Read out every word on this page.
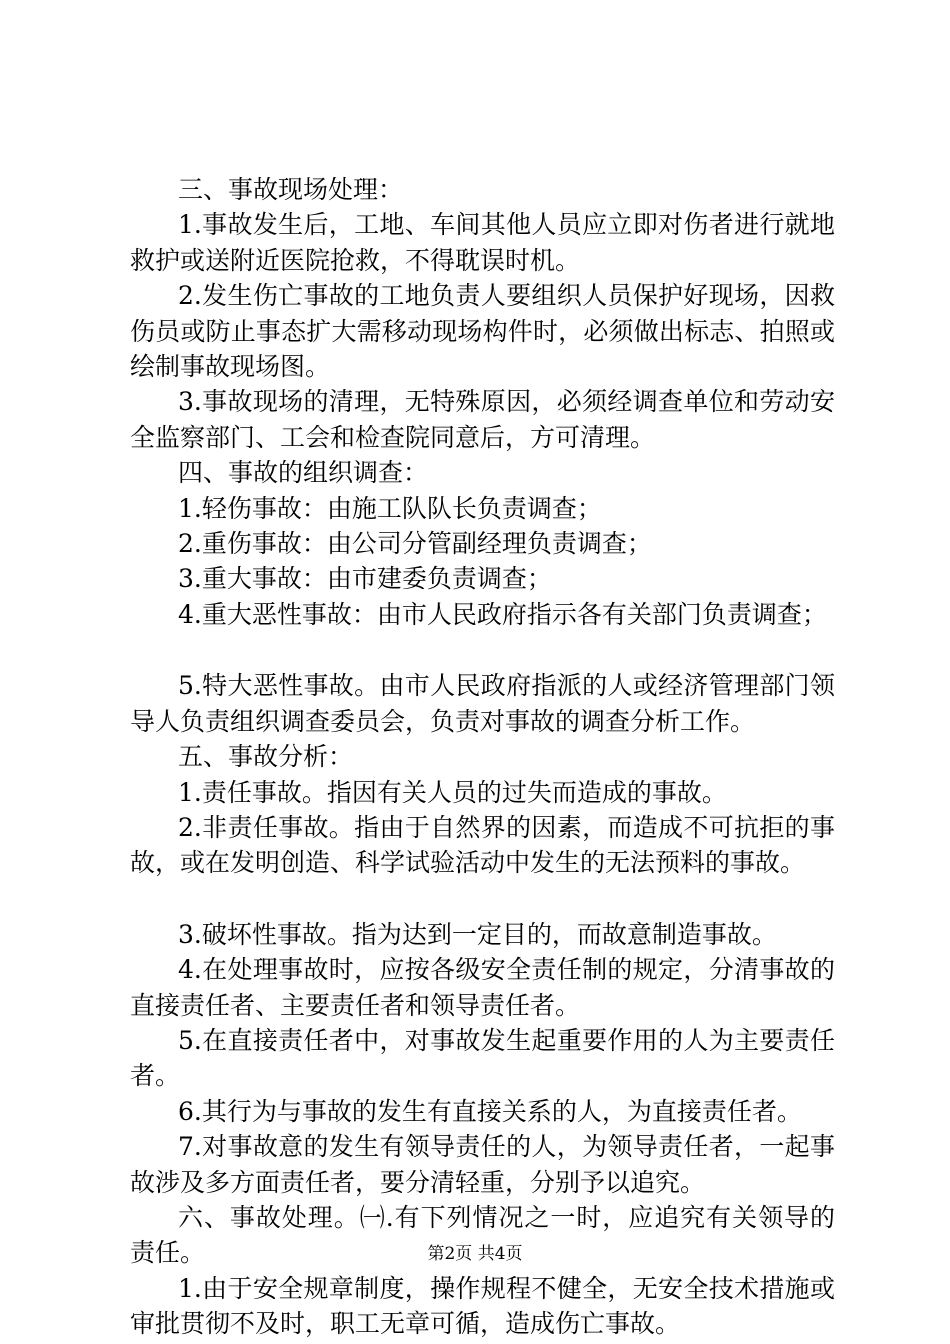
三、事故现场处理：

1.事故发生后，工地、车间其他人员应立即对伤者进行就地救护或送附近医院抢救，不得耽误时机。

2.发生伤亡事故的工地负责人要组织人员保护好现场，因救伤员或防止事态扩大需移动现场构件时，必须做出标志、拍照或绘制事故现场图。

3.事故现场的清理，无特殊原因，必须经调查单位和劳动安全监察部门、工会和检查院同意后，方可清理。

四、事故的组织调查：

1.轻伤事故：由施工队队长负责调查；

2.重伤事故：由公司分管副经理负责调查；

3.重大事故：由市建委负责调查；

4.重大恶性事故：由市人民政府指示各有关部门负责调查；

5.特大恶性事故。由市人民政府指派的人或经济管理部门领导人负责组织调查委员会，负责对事故的调查分析工作。

五、事故分析：

1.责任事故。指因有关人员的过失而造成的事故。

2.非责任事故。指由于自然界的因素，而造成不可抗拒的事故，或在发明创造、科学试验活动中发生的无法预料的事故。

3.破坏性事故。指为达到一定目的，而故意制造事故。

4.在处理事故时，应按各级安全责任制的规定，分清事故的直接责任者、主要责任者和领导责任者。

5.在直接责任者中，对事故发生起重要作用的人为主要责任者。

6.其行为与事故的发生有直接关系的人，为直接责任者。

7.对事故意的发生有领导责任的人，为领导责任者，一起事故涉及多方面责任者，要分清轻重，分别予以追究。

六、事故处理。㈠.有下列情况之一时，应追究有关领导的责任。

1.由于安全规章制度，操作规程不健全，无安全技术措施或审批贯彻不及时，职工无章可循，造成伤亡事故。

第2页 共4页
